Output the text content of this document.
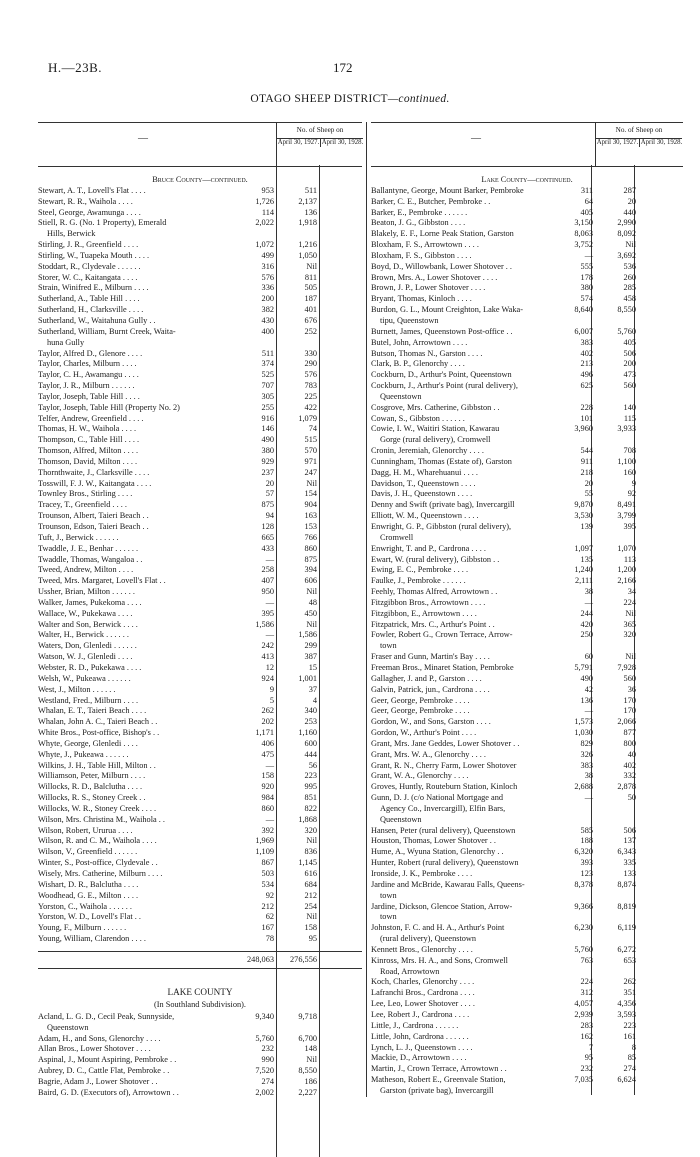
H.—23B.	172
OTAGO SHEEP DISTRICT—continued.
—
No. of Sheep on
April 30, 1927. April 30, 1928.
Bruce County—continued.
Stewart, A. T., Lovell's Flat . . . .	953	511
Stewart, R. R., Waihola . . . .	1,726	2,137
Steel, George, Awamunga . . . .	114	136
Stiell, R. G. (No. 1 Property), Emerald	2,022	1,918
Hills, Berwick
Stirling, J. R., Greenfield . . . .	1,072	1,216
Stirling, W., Tuapeka Mouth . . . .	499	1,050
Stoddart, R., Clydevale . . . . . .	316	Nil
Storer, W. C., Kaitangata . . . .	576	811
Strain, Winifred E., Milburn . . . .	336	505
Sutherland, A., Table Hill . . . .	200	187
Sutherland, H., Clarksville . . . .	382	401
Sutherland, W., Waitahuna Gully . .	430	676
Sutherland, William, Burnt Creek, Waita-	400	252
huna Gully
Taylor, Alfred D., Glenore . . . .	511	330
Taylor, Charles, Milburn . . . .	374	290
Taylor, C. H., Awamangu . . . .	525	576
Taylor, J. R., Milburn . . . . . .	707	783
Taylor, Joseph, Table Hill . . . .	305	225
Taylor, Joseph, Table Hill (Property No. 2)	255	422
Telfer, Andrew, Greenfield . . . .	916	1,079
Thomas, H. W., Waihola . . . .	146	74
Thompson, C., Table Hill . . . .	490	515
Thomson, Alfred, Milton . . . .	380	570
Thomson, David, Milton . . . .	929	971
Thornthwaite, J., Clarksville . . . .	237	247
Tosswill, F. J. W., Kaitangata . . . .	20	Nil
Townley Bros., Stirling . . . .	57	154
Tracey, T., Greenfield . . . .	875	904
Trounson, Albert, Taieri Beach . .	94	163
Trounson, Edson, Taieri Beach . .	128	153
Tuft, J., Berwick . . . . . .	665	766
Twaddle, J. E., Benhar . . . . . .	433	860
Twaddle, Thomas, Wangaloa . .	—	875
Tweed, Andrew, Milton . . . .	258	394
Tweed, Mrs. Margaret, Lovell's Flat . .	407	606
Ussher, Brian, Milton . . . . . .	950	Nil
Walker, James, Pukekoma . . . .	—	48
Wallace, W., Pukekawa . . . .	395	450
Walter and Son, Berwick . . . .	1,586	Nil
Walter, H., Berwick . . . . . .	—	1,586
Waters, Don, Glenledi . . . . . .	242	299
Watson, W. J., Glenledi . . . .	413	387
Webster, R. D., Pukekawa . . . .	12	15
Welsh, W., Pukeawa . . . . . .	924	1,001
West, J., Milton . . . . . .	9	37
Westland, Fred., Milburn . . . .	5	4
Whalan, E. T., Taieri Beach . . . .	262	340
Whalan, John A. C., Taieri Beach . .	202	253
White Bros., Post-office, Bishop's . .	1,171	1,160
Whyte, George, Glenledi . . . .	406	600
Whyte, J., Pukeawa . . . . . .	475	444
Wilkins, J. H., Table Hill, Milton . .	—	56
Williamson, Peter, Milburn . . . .	158	223
Willocks, R. D., Balclutha . . . .	920	995
Willocks, R. S., Stoney Creek . .	984	851
Willocks, W. R., Stoney Creek . . . .	860	822
Wilson, Mrs. Christina M., Waihola . .	—	1,868
Wilson, Robert, Ururua . . . .	392	320
Wilson, R. and C. M., Waihola . . . .	1,969	Nil
Wilson, V., Greenfield . . . . . .	1,109	836
Winter, S., Post-office, Clydevale . .	867	1,145
Wisely, Mrs. Catherine, Milburn . . . .	503	616
Wishart, D. R., Balclutha . . . .	534	684
Woodhead, G. E., Milton . . . .	92	212
Yorston, C., Waihola . . . . . .	212	254
Yorston, W. D., Lovell's Flat . .	62	Nil
Young, F., Milburn . . . . . .	167	158
Young, William, Clarendon . . . .	78	95
248,063	276,556
LAKE COUNTY
(In Southland Subdivision).
Acland, L. G. D., Cecil Peak, Sunnyside,	9,340	9,718
Queenstown
Adam, H., and Sons, Glenorchy . . . .	5,760	6,700
Allan Bros., Lower Shotover . . . .	232	148
Aspinal, J., Mount Aspiring, Pembroke . .	990	Nil
Aubrey, D. C., Cattle Flat, Pembroke . .	7,520	8,550
Bagrie, Adam J., Lower Shotover . .	274	186
Baird, G. D. (Executors of), Arrowtown . .	2,002	2,227
—
No. of Sheep on
April 30, 1927. April 30, 1928.
Lake County—continued.
Ballantyne, George, Mount Barker, Pembroke	311	287
Barker, C. E., Butcher, Pembroke . .	64	20
Barker, E., Pembroke . . . . . .	405	440
Beaton, J. G., Gibbston . . . .	3,150	2,990
Blakely, E. F., Lorne Peak Station, Garston	8,063	8,092
Bloxham, F. S., Arrowtown . . . .	3,752	Nil
Bloxham, F. S., Gibbston . . . .	—	3,692
Boyd, D., Willowbank, Lower Shotover . .	555	536
Brown, Mrs. A., Lower Shotover . . . .	178	260
Brown, J. P., Lower Shotover . . . .	380	285
Bryant, Thomas, Kinloch . . . .	574	458
Burdon, G. L., Mount Creighton, Lake Waka-	8,640	8,550
tipu, Queenstown
Burnett, James, Queenstown Post-office . .	6,007	5,760
Butel, John, Arrowtown . . . .	383	405
Butson, Thomas N., Garston . . . .	402	506
Clark, B. P., Glenorchy . . . .	213	200
Cockburn, D., Arthur's Point, Queenstown	496	473
Cockburn, J., Arthur's Point (rural delivery),	625	560
Queenstown
Cosgrove, Mrs. Catherine, Gibbston . .	228	140
Cowan, S., Gibbston . . . . . .	101	115
Cowie, I. W., Waitiri Station, Kawarau	3,960	3,933
Gorge (rural delivery), Cromwell
Cronin, Jeremiah, Glenorchy . . . .	544	708
Cunningham, Thomas (Estate of), Garston	911	1,100
Dagg, H. M., Wharehuanui . . . .	218	160
Davidson, T., Queenstown . . . .	20	9
Davis, J. H., Queenstown . . . .	55	92
Denny and Swift (private bag), Invercargill	9,870	8,491
Elliott, W. M., Queenstown . . . .	3,530	3,799
Enwright, G. P., Gibbston (rural delivery),	139	395
Cromwell
Enwright, T. and P., Cardrona . . . .	1,097	1,070
Ewart, W. (rural delivery), Gibbston . .	135	113
Ewing, E. C., Pembroke . . . .	1,240	1,200
Faulke, J., Pembroke . . . . . .	2,111	2,166
Feehly, Thomas Alfred, Arrowtown . .	38	34
Fitzgibbon Bros., Arrowtown . . . .	—	224
Fitzgibbon, E., Arrowtown . . . .	244	Nil
Fitzpatrick, Mrs. C., Arthur's Point . .	420	365
Fowler, Robert G., Crown Terrace, Arrow-	250	320
town
Fraser and Gunn, Martin's Bay . . . .	60	Nil
Freeman Bros., Minaret Station, Pembroke	5,791	7,928
Gallagher, J. and P., Garston . . . .	490	560
Galvin, Patrick, jun., Cardrona . . . .	42	36
Geer, George, Pembroke . . . .	136	170
Geer, George, Pembroke . . . .	—	170
Gordon, W., and Sons, Garston . . . .	1,573	2,066
Gordon, W., Arthur's Point . . . .	1,030	877
Grant, Mrs. Jane Geddes, Lower Shotover . .	829	800
Grant, Mrs. W. A., Glenorchy . . . .	326	40
Grant, R. N., Cherry Farm, Lower Shotover	383	402
Grant, W. A., Glenorchy . . . .	38	332
Groves, Huntly, Routeburn Station, Kinloch	2,688	2,878
Gunn, D. J. (c/o National Mortgage and	—	50
Agency Co., Invercargill), Elfin Bars,
Queenstown
Hansen, Peter (rural delivery), Queenstown	585	506
Houston, Thomas, Lower Shotover . .	188	137
Hume, A., Wyuna Station, Glenorchy . .	6,320	6,343
Hunter, Robert (rural delivery), Queenstown	393	335
Ironside, J. K., Pembroke . . . .	123	133
Jardine and McBride, Kawarau Falls, Queens-	8,378	8,874
town
Jardine, Dickson, Glencoe Station, Arrow-	9,366	8,819
town
Johnston, F. C. and H. A., Arthur's Point	6,230	6,119
(rural delivery), Queenstown
Kennett Bros., Glenorchy . . . .	5,760	6,272
Kinross, Mrs. H. A., and Sons, Cromwell	763	653
Road, Arrowtown
Koch, Charles, Glenorchy . . . .	224	262
Lafranchi Bros., Cardrona . . . .	312	351
Lee, Leo, Lower Shotover . . . .	4,057	4,356
Lee, Robert J., Cardrona . . . .	2,939	3,593
Little, J., Cardrona . . . . . .	283	223
Little, John, Cardrona . . . . . .	162	161
Lynch, L. J., Queenstown . . . .	7	8
Mackie, D., Arrowtown . . . .	95	85
Martin, J., Crown Terrace, Arrowtown . .	232	274
Matheson, Robert E., Greenvale Station,	7,035	6,624
Garston (private bag), Invercargill
